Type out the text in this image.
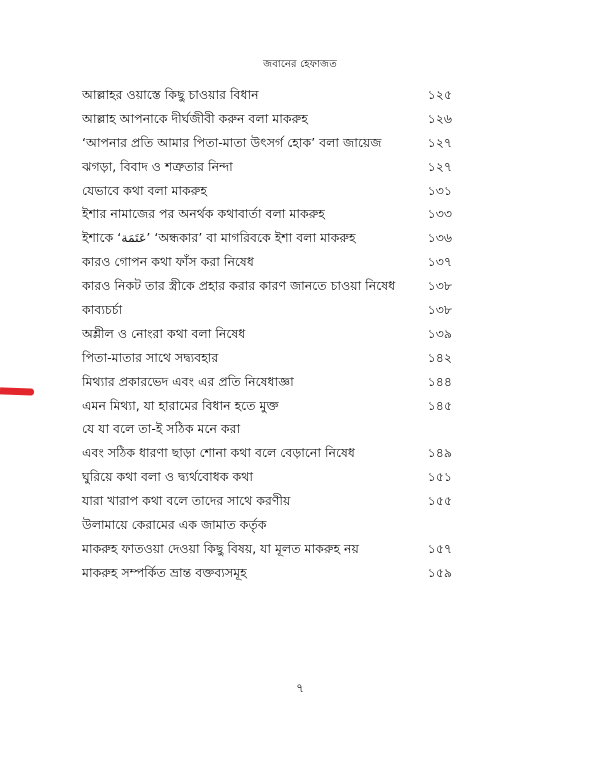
জবানের হেফাজত
আল্লাহর ওয়াস্তে কিছু চাওয়ার বিধান	১২৫
আল্লাহ আপনাকে দীর্ঘজীবী করুন বলা মাকরুহ	১২৬
‘আপনার প্রতি আমার পিতা-মাতা উৎসর্গ হোক’ বলা জায়েজ	১২৭
ঝগড়া, বিবাদ ও শত্রুতার নিন্দা	১২৭
যেভাবে কথা বলা মাকরুহ	১৩১
ইশার নামাজের পর অনর্থক কথাবার্তা বলা মাকরুহ	১৩৩
ইশাকে ‘عَتَمَة’ ‘অন্ধকার’ বা মাগরিবকে ইশা বলা মাকরুহ	১৩৬
কারও গোপন কথা ফাঁস করা নিষেধ	১৩৭
কারও নিকট তার স্ত্রীকে প্রহার করার কারণ জানতে চাওয়া নিষেধ	১৩৮
কাব্যচর্চা	১৩৮
অশ্লীল ও নোংরা কথা বলা নিষেধ	১৩৯
পিতা-মাতার সাথে সদ্ব্যবহার	১৪২
মিথ্যার প্রকারভেদ এবং এর প্রতি নিষেধাজ্ঞা	১৪৪
এমন মিথ্যা, যা হারামের বিধান হতে মুক্ত	১৪৫
যে যা বলে তা-ই সঠিক মনে করা
এবং সঠিক ধারণা ছাড়া শোনা কথা বলে বেড়ানো নিষেধ	১৪৯
ঘুরিয়ে কথা বলা ও দ্ব্যর্থবোধক কথা	১৫১
যারা খারাপ কথা বলে তাদের সাথে করণীয়	১৫৫
উলামায়ে কেরামের এক জামাত কর্তৃক
মাকরুহ ফাতওয়া দেওয়া কিছু বিষয়, যা মূলত মাকরুহ নয়	১৫৭
মাকরুহ সম্পর্কিত ভ্রান্ত বক্তব্যসমূহ	১৫৯
৭
